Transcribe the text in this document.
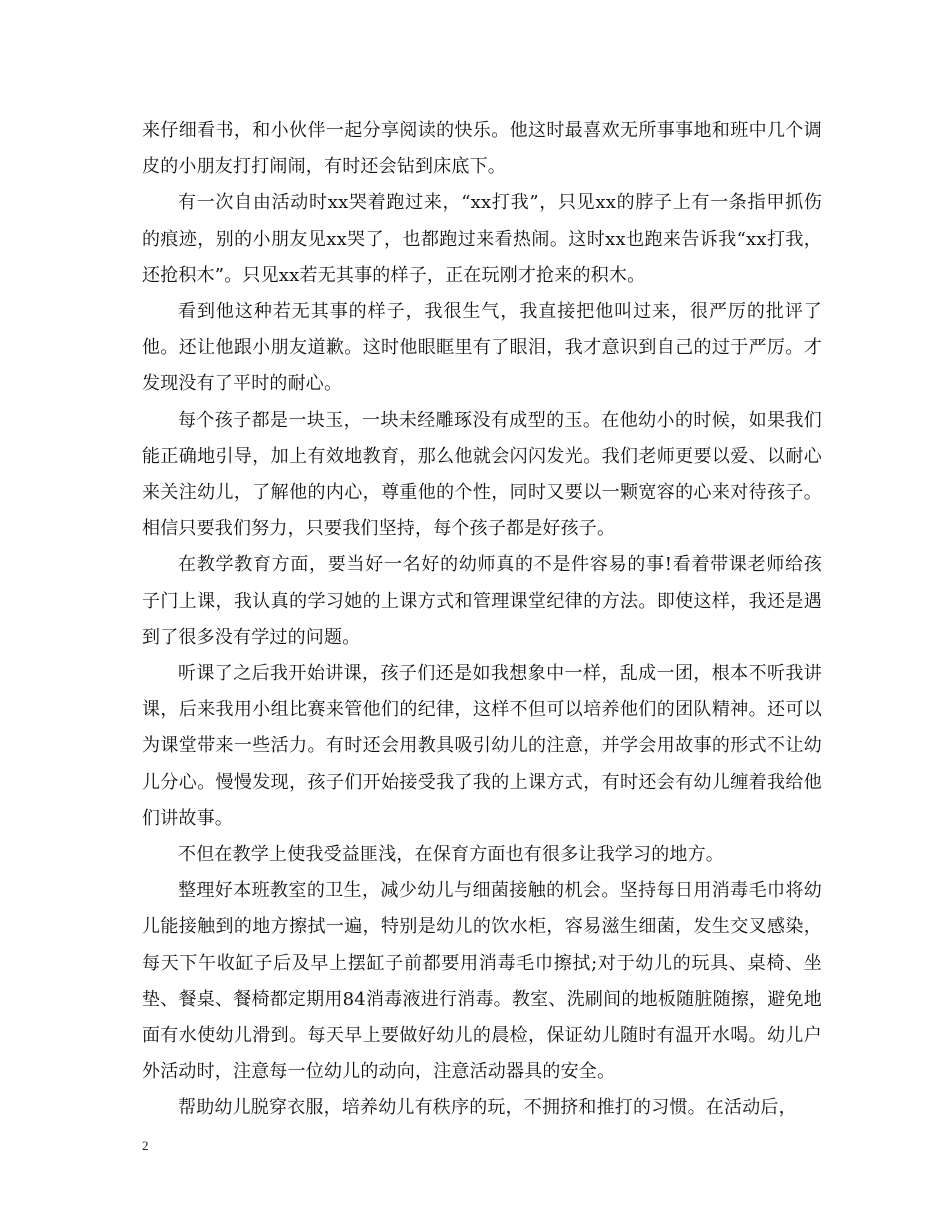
来仔细看书，和小伙伴一起分享阅读的快乐。他这时最喜欢无所事事地和班中几个调皮的小朋友打打闹闹，有时还会钻到床底下。

有一次自由活动时xx哭着跑过来，“xx打我”，只见xx的脖子上有一条指甲抓伤的痕迹，别的小朋友见xx哭了，也都跑过来看热闹。这时xx也跑来告诉我“xx打我，还抢积木”。只见xx若无其事的样子，正在玩刚才抢来的积木。

看到他这种若无其事的样子，我很生气，我直接把他叫过来，很严厉的批评了他。还让他跟小朋友道歉。这时他眼眶里有了眼泪，我才意识到自己的过于严厉。才发现没有了平时的耐心。

每个孩子都是一块玉，一块未经雕琢没有成型的玉。在他幼小的时候，如果我们能正确地引导，加上有效地教育，那么他就会闪闪发光。我们老师更要以爱、以耐心来关注幼儿，了解他的内心，尊重他的个性，同时又要以一颗宽容的心来对待孩子。相信只要我们努力，只要我们坚持，每个孩子都是好孩子。

在教学教育方面，要当好一名好的幼师真的不是件容易的事!看着带课老师给孩子门上课，我认真的学习她的上课方式和管理课堂纪律的方法。即使这样，我还是遇到了很多没有学过的问题。

听课了之后我开始讲课，孩子们还是如我想象中一样，乱成一团，根本不听我讲课，后来我用小组比赛来管他们的纪律，这样不但可以培养他们的团队精神。还可以为课堂带来一些活力。有时还会用教具吸引幼儿的注意，并学会用故事的形式不让幼儿分心。慢慢发现，孩子们开始接受我了我的上课方式，有时还会有幼儿缠着我给他们讲故事。

不但在教学上使我受益匪浅，在保育方面也有很多让我学习的地方。

整理好本班教室的卫生，减少幼儿与细菌接触的机会。坚持每日用消毒毛巾将幼儿能接触到的地方擦拭一遍，特别是幼儿的饮水柜，容易滋生细菌，发生交叉感染，每天下午收缸子后及早上摆缸子前都要用消毒毛巾擦拭;对于幼儿的玩具、桌椅、坐垫、餐桌、餐椅都定期用84消毒液进行消毒。教室、洗刷间的地板随脏随擦，避免地面有水使幼儿滑到。每天早上要做好幼儿的晨检，保证幼儿随时有温开水喝。幼儿户外活动时，注意每一位幼儿的动向，注意活动器具的安全。

帮助幼儿脱穿衣服，培养幼儿有秩序的玩，不拥挤和推打的习惯。在活动后，

2
